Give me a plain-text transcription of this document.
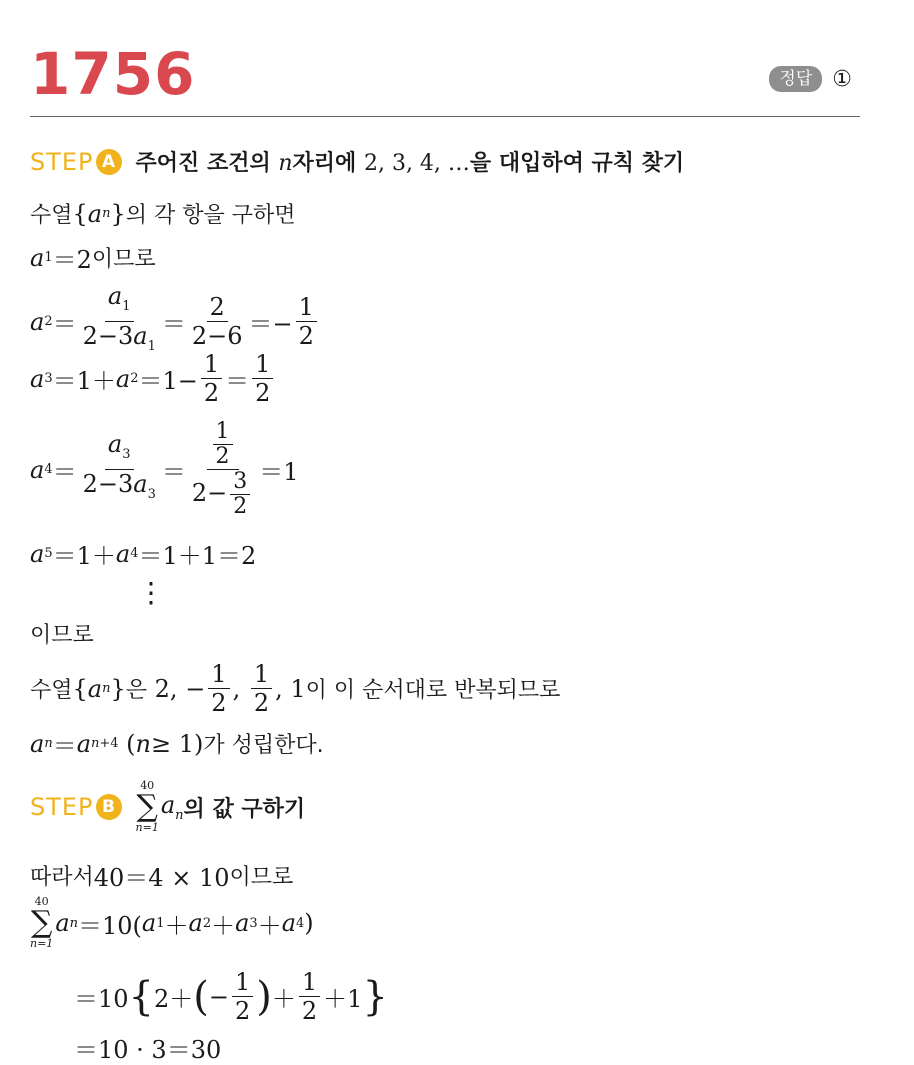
1756	정답 ①
STEP A 주어진 조건의 n자리에 2, 3, 4, …을 대입하여 규칙 찾기
수열 { a n } 의 각 항을 구하면
a 1 ＝2 이므로
a $2 = \frac{a_1}{2-3a_1} = \frac{2}{2-6} =- \frac{1}{2}$
a 3 ＝1＋ a $2 =1- \frac{1}{2} = \frac{1}{2}$
a $4 = \frac{a_3}{2-3a_3} = \frac{\frac{1}{2}}{2- \frac{3}{2}} =1$
a 5 ＝1＋ a 4 ＝1＋1＝2
⋮
이므로
수열 { a n } 은 2, − $\frac{1}{2}$ , $\frac{1}{2}$ , 1 이 이 순서대로 반복되므로
a n ＝ a n+4 ( n ≥ 1) 가 성립한다.
STEP B
40
∑
n=1
$a_n$ 의 값 구하기
따라서 40＝4 × 10 이므로
40
∑
n=1
a n ＝10( a 1 ＋ a 2 ＋ a 3 ＋ a 4 )
＝10 { 2＋ ( − $\frac{1}{2}$ ) ＋ $\frac{1}{2} +1$ }
＝10 · 3＝30
